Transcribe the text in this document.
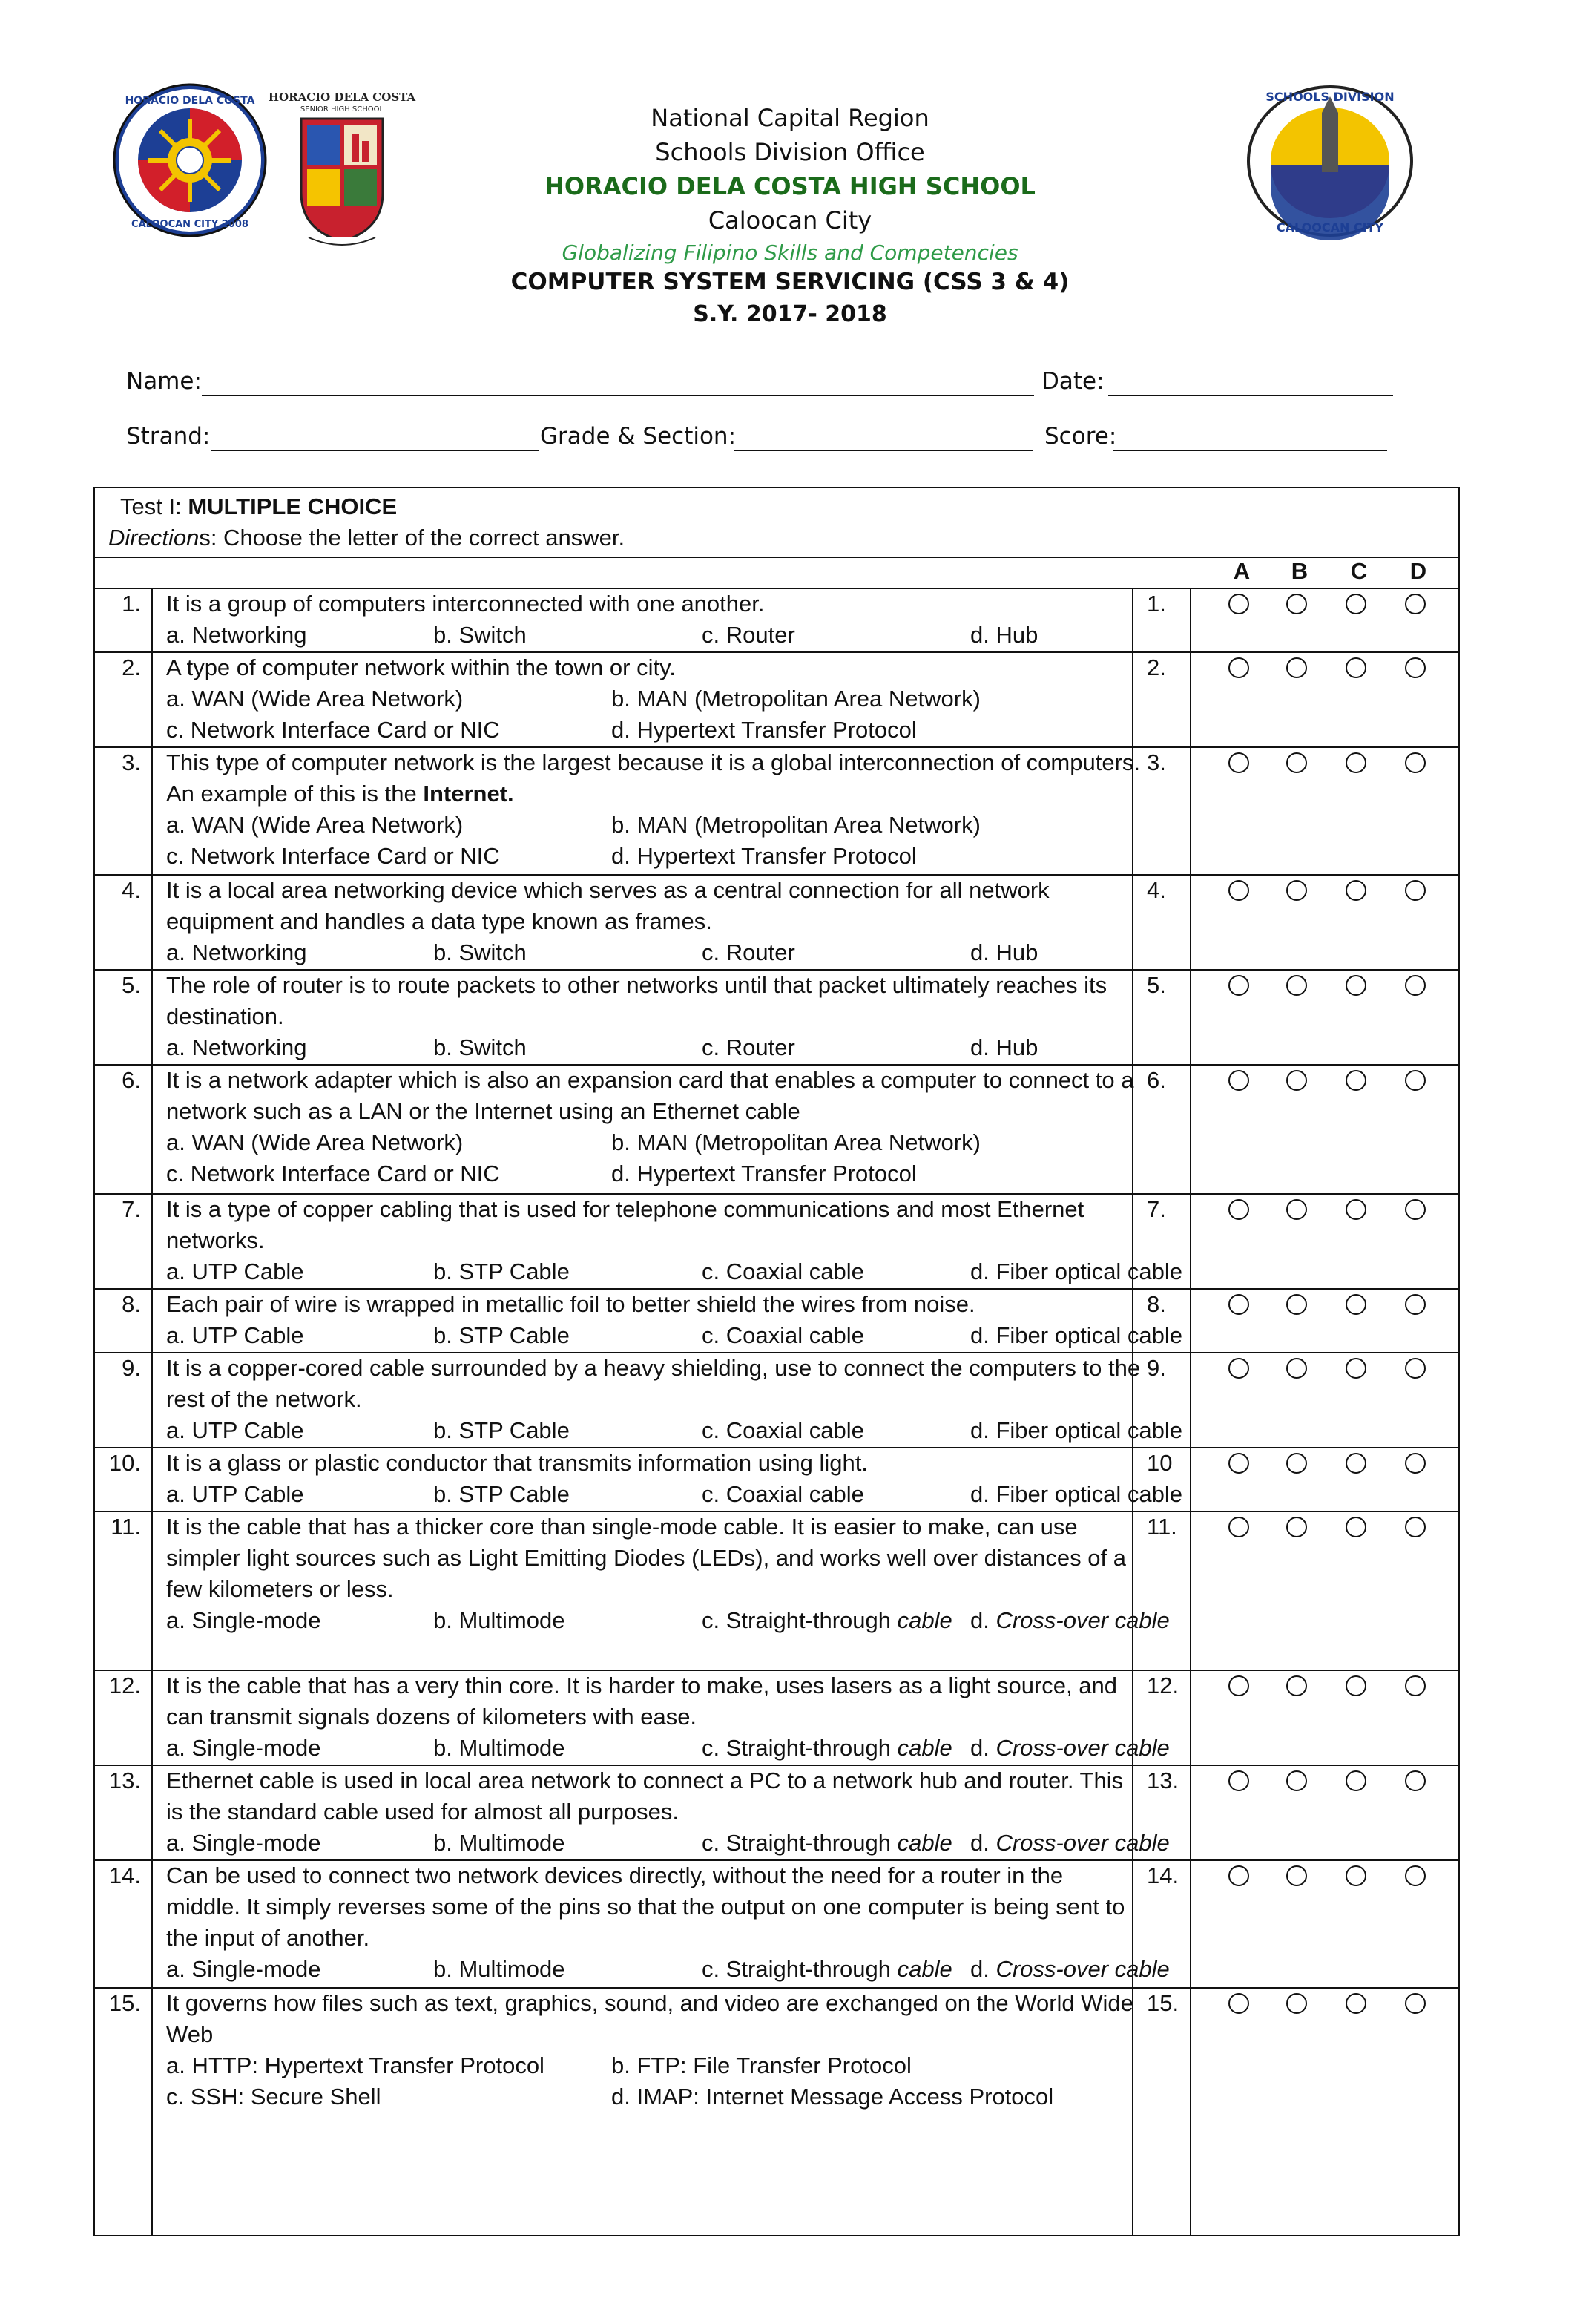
HORACIO DELA COSTA
CALOOCAN CITY 2008
HORACIO DELA COSTA
SENIOR HIGH SCHOOL
SCHOOLS DIVISION
CALOOCAN CITY
National Capital Region
Schools Division Office
HORACIO DELA COSTA HIGH SCHOOL
Caloocan City
Globalizing Filipino Skills and Competencies
COMPUTER SYSTEM SERVICING (CSS 3 & 4)
S.Y. 2017- 2018
Name:	Date:
Strand:	Grade & Section:	Score:
Test I: MULTIPLE CHOICE
Directions: Choose the letter of the correct answer.
A B C D
1. It is a group of computers interconnected with one another.
a. Networking	b. Switch	c. Router	d. Hub
1.
2. A type of computer network within the town or city.
a. WAN (Wide Area Network)	b. MAN (Metropolitan Area Network)
c. Network Interface Card or NIC	d. Hypertext Transfer Protocol
2.
3. This type of computer network is the largest because it is a global interconnection of computers.
An example of this is the Internet.
a. WAN (Wide Area Network)	b. MAN (Metropolitan Area Network)
c. Network Interface Card or NIC	d. Hypertext Transfer Protocol
3.
4. It is a local area networking device which serves as a central connection for all network
equipment and handles a data type known as frames.
a. Networking	b. Switch	c. Router	d. Hub
4.
5. The role of router is to route packets to other networks until that packet ultimately reaches its
destination.
a. Networking	b. Switch	c. Router	d. Hub
5.
6. It is a network adapter which is also an expansion card that enables a computer to connect to a
network such as a LAN or the Internet using an Ethernet cable
a. WAN (Wide Area Network)	b. MAN (Metropolitan Area Network)
c. Network Interface Card or NIC	d. Hypertext Transfer Protocol
6.
7. It is a type of copper cabling that is used for telephone communications and most Ethernet
networks.
a. UTP Cable	b. STP Cable	c. Coaxial cable	d. Fiber optical cable
7.
8. Each pair of wire is wrapped in metallic foil to better shield the wires from noise.
a. UTP Cable	b. STP Cable	c. Coaxial cable	d. Fiber optical cable
8.
9. It is a copper-cored cable surrounded by a heavy shielding, use to connect the computers to the
rest of the network.
a. UTP Cable	b. STP Cable	c. Coaxial cable	d. Fiber optical cable
9.
10. It is a glass or plastic conductor that transmits information using light.
a. UTP Cable	b. STP Cable	c. Coaxial cable	d. Fiber optical cable
10
11. It is the cable that has a thicker core than single-mode cable. It is easier to make, can use
simpler light sources such as Light Emitting Diodes (LEDs), and works well over distances of a
few kilometers or less.
a. Single-mode	b. Multimode	c. Straight-through cable d. Cross-over cable
11.
12. It is the cable that has a very thin core. It is harder to make, uses lasers as a light source, and
can transmit signals dozens of kilometers with ease.
a. Single-mode	b. Multimode	c. Straight-through cable d. Cross-over cable
12.
13. Ethernet cable is used in local area network to connect a PC to a network hub and router. This
is the standard cable used for almost all purposes.
a. Single-mode	b. Multimode	c. Straight-through cable d. Cross-over cable
13.
14. Can be used to connect two network devices directly, without the need for a router in the
middle. It simply reverses some of the pins so that the output on one computer is being sent to
the input of another.
a. Single-mode	b. Multimode	c. Straight-through cable d. Cross-over cable
14.
15. It governs how files such as text, graphics, sound, and video are exchanged on the World Wide
Web
a. HTTP: Hypertext Transfer Protocol	b. FTP: File Transfer Protocol
c. SSH: Secure Shell	d. IMAP: Internet Message Access Protocol
15.
